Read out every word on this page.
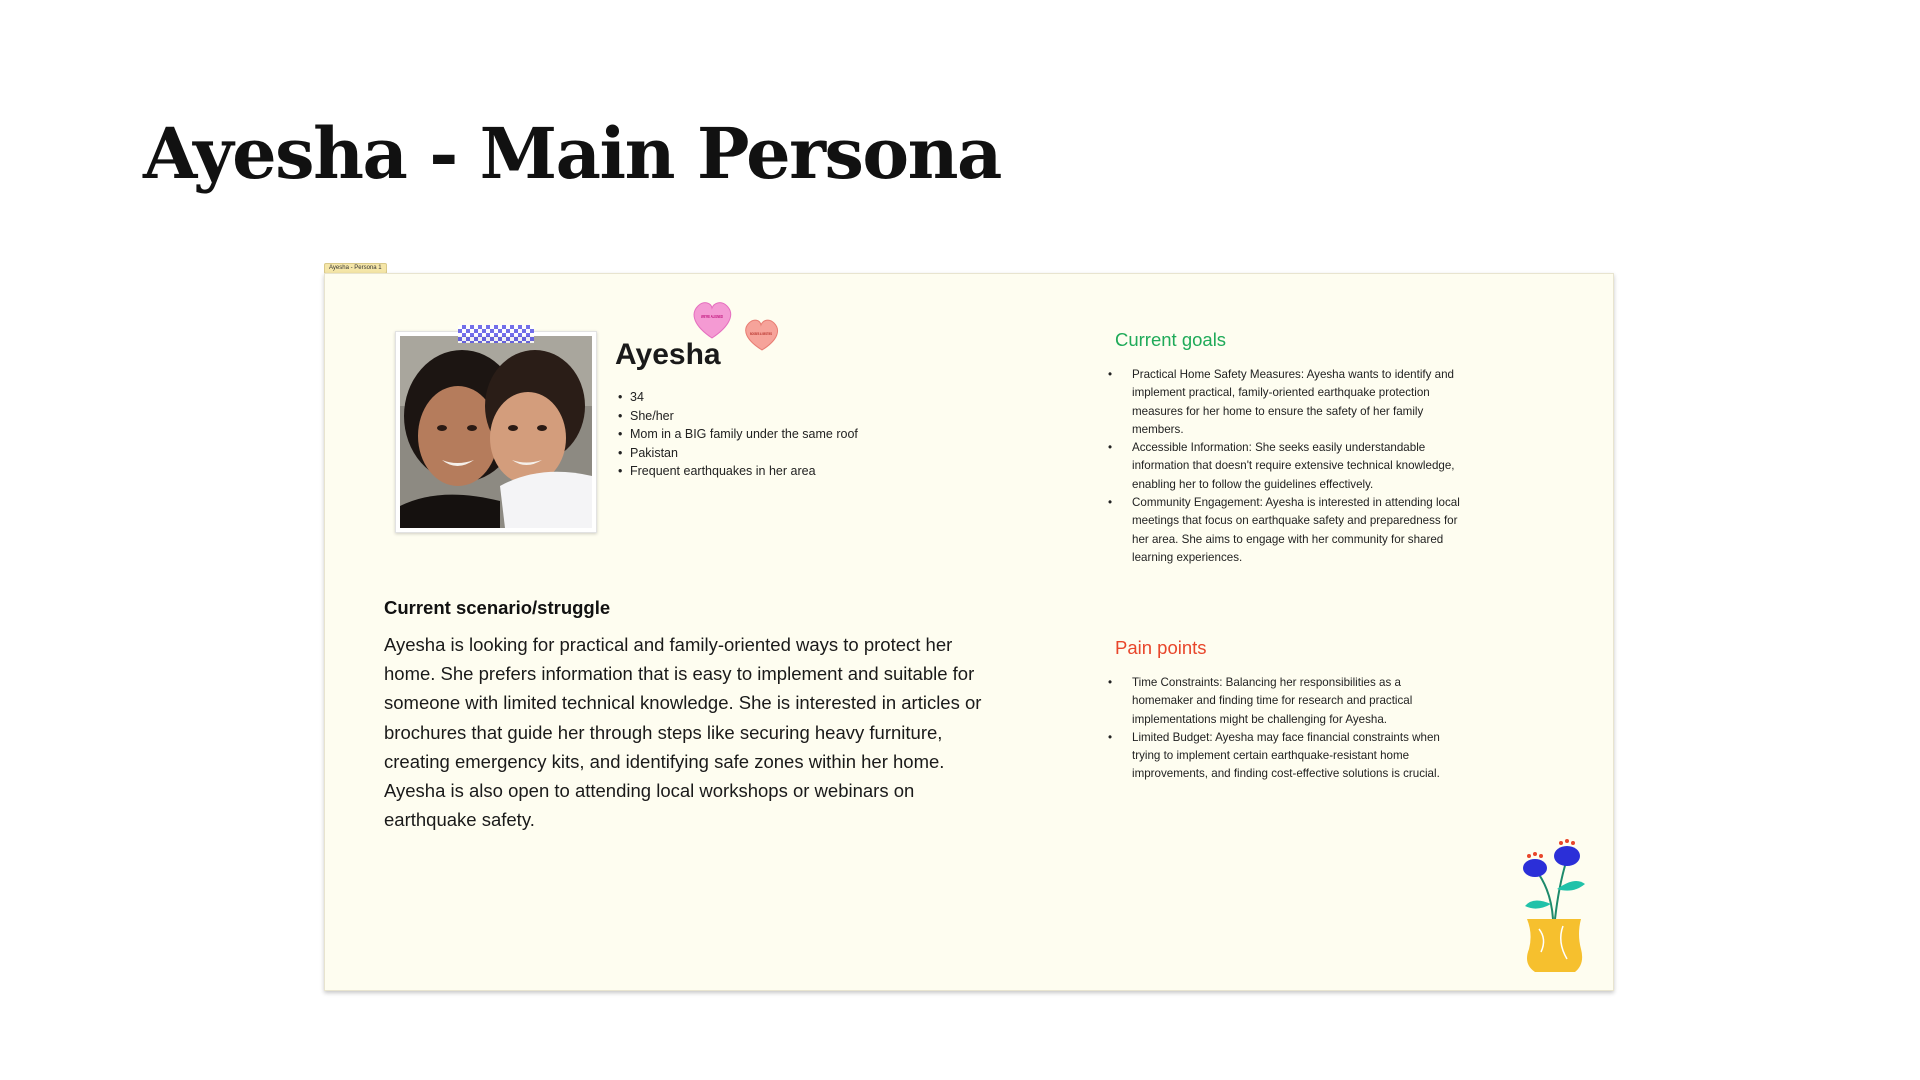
Ayesha - Main Persona
Ayesha - Persona 1
WE'RE ALIGNED
BOSSES & BESTIES
Ayesha
• 34
• She/her
• Mom in a BIG family under the same roof
• Pakistan
• Frequent earthquakes in her area
Current scenario/struggle
Ayesha is looking for practical and family-oriented ways to protect her home. She prefers information that is easy to implement and suitable for someone with limited technical knowledge. She is interested in articles or brochures that guide her through steps like securing heavy furniture, creating emergency kits, and identifying safe zones within her home. Ayesha is also open to attending local workshops or webinars on earthquake safety.
Current goals
• Practical Home Safety Measures: Ayesha wants to identify and implement practical, family-oriented earthquake protection measures for her home to ensure the safety of her family members.
• Accessible Information: She seeks easily understandable information that doesn't require extensive technical knowledge, enabling her to follow the guidelines effectively.
• Community Engagement: Ayesha is interested in attending local meetings that focus on earthquake safety and preparedness for her area. She aims to engage with her community for shared learning experiences.
Pain points
• Time Constraints: Balancing her responsibilities as a homemaker and finding time for research and practical implementations might be challenging for Ayesha.
• Limited Budget: Ayesha may face financial constraints when trying to implement certain earthquake-resistant home improvements, and finding cost-effective solutions is crucial.
